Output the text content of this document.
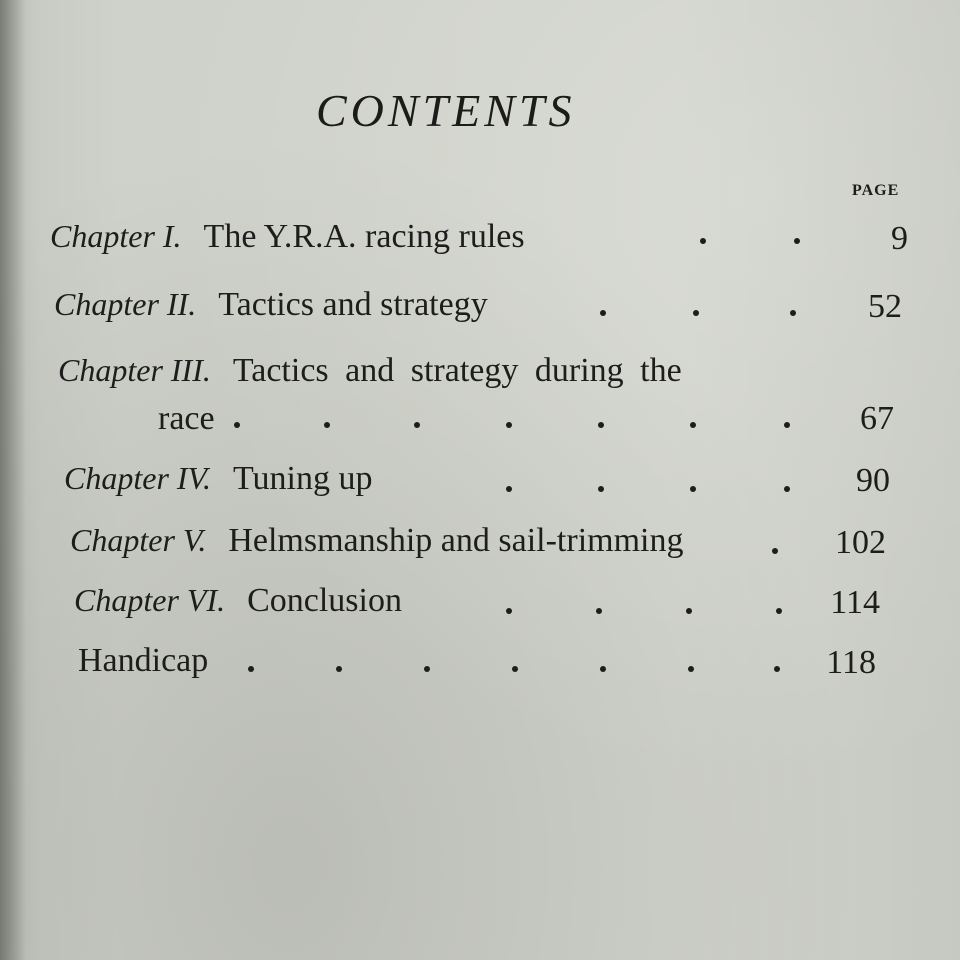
CONTENTS
PAGE
Chapter I. The Y.R.A. racing rules	9
Chapter II. Tactics and strategy	52
Chapter III. Tactics and strategy during the
race	67
Chapter IV. Tuning up	90
Chapter V. Helmsmanship and sail-trimming	102
Chapter VI. Conclusion	114
Handicap	118
